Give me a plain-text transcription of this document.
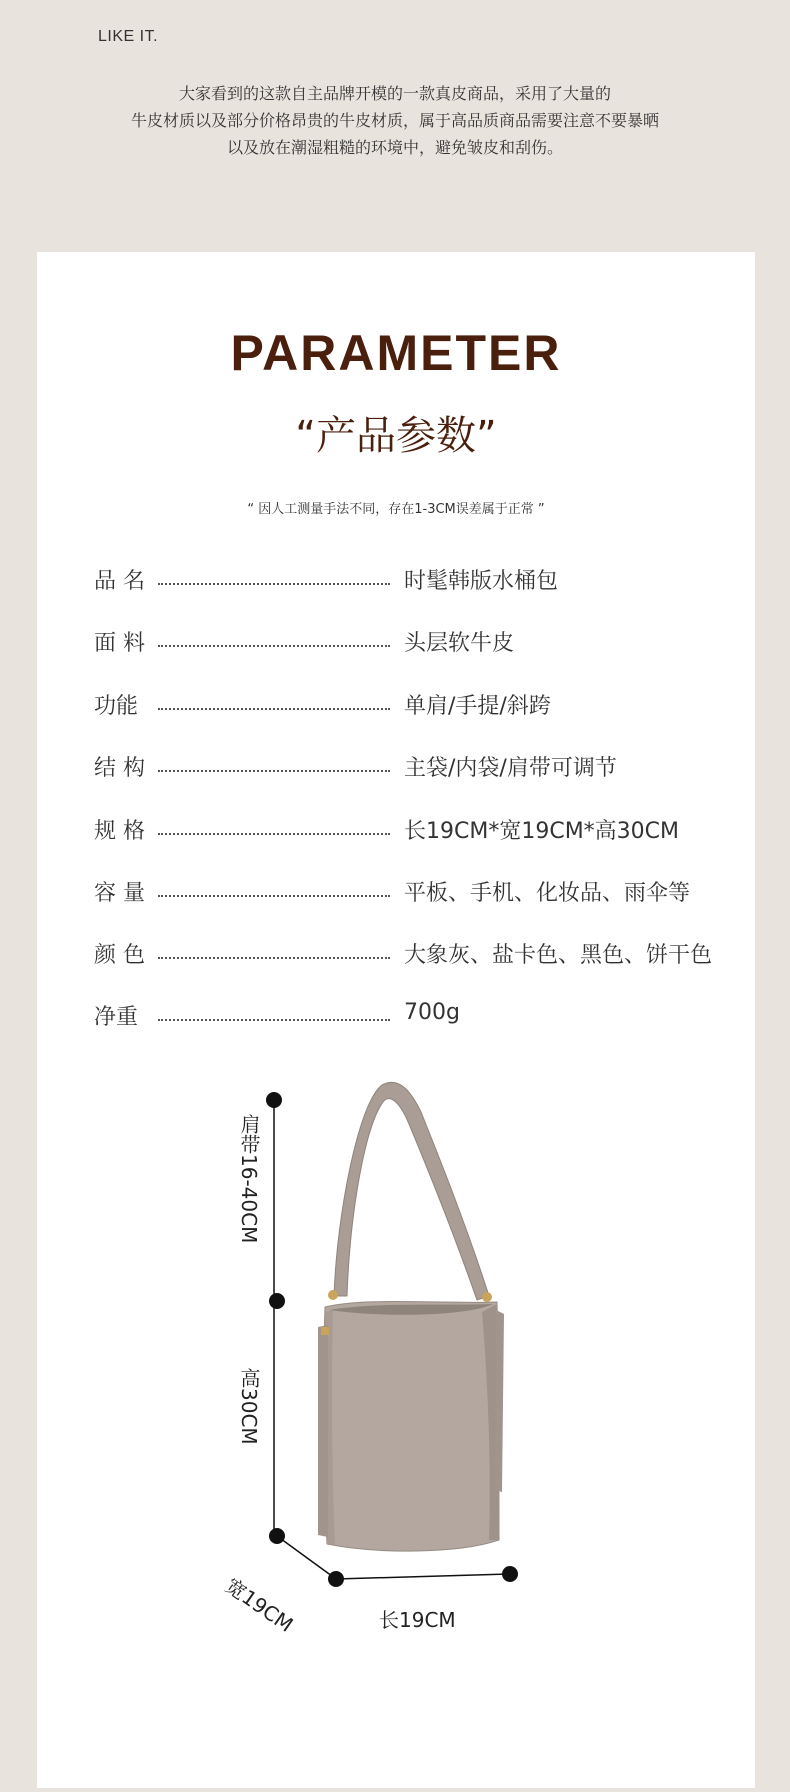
LIKE IT.
大家看到的这款自主品牌开模的一款真皮商品，采用了大量的
牛皮材质以及部分价格昂贵的牛皮材质，属于高品质商品需要注意不要暴晒
以及放在潮湿粗糙的环境中，避免皱皮和刮伤。
PARAMETER
“产品参数”
“ 因人工测量手法不同，存在1-3CM误差属于正常 ”
品 名	时髦韩版水桶包
面 料	头层软牛皮
功能	单肩/手提/斜跨
结 构	主袋/内袋/肩带可调节
规 格	长19CM*宽19CM*高30CM
容 量	平板、手机、化妆品、雨伞等
颜 色	大象灰、盐卡色、黑色、饼干色
净重	700g
肩带16-40CM
高30CM
宽19CM	长19CM
